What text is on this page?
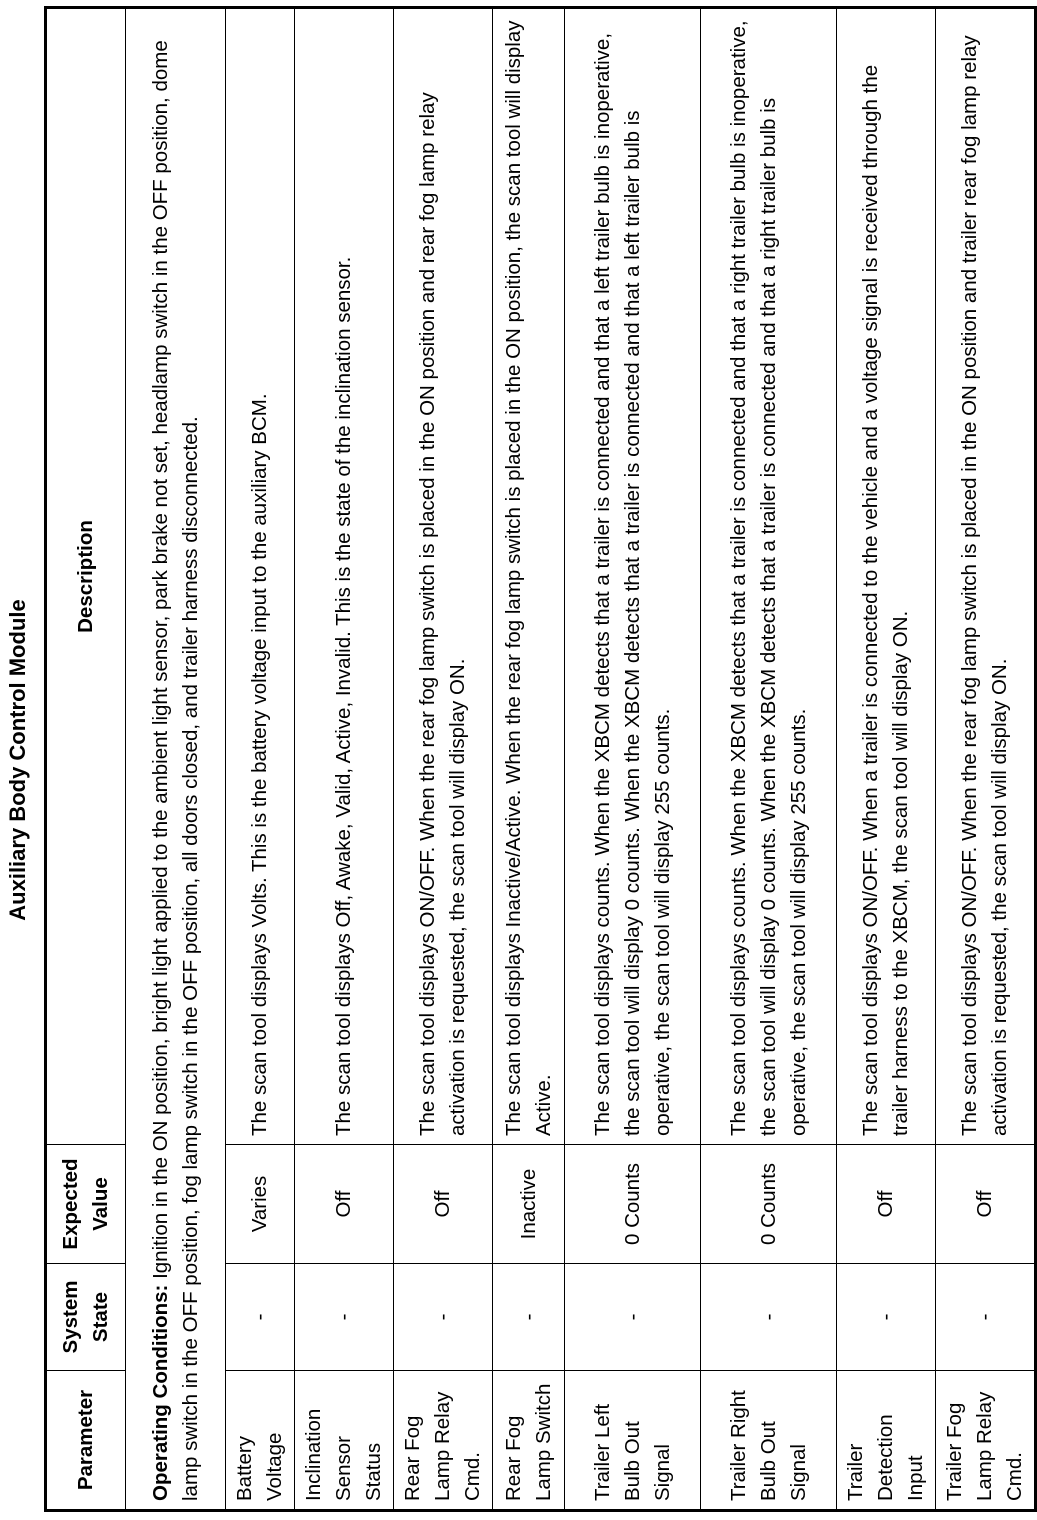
Auxiliary Body Control Module
Parameter	System State	Expected Value	Description
Operating Conditions: Ignition in the ON position, bright light applied to the ambient light sensor, park brake not set, headlamp switch in the OFF position, dome lamp switch in the OFF position, fog lamp switch in the OFF position, all doors closed, and trailer harness disconnected.			
Battery Voltage	-	Varies	The scan tool displays Volts. This is the battery voltage input to the auxiliary BCM.
Inclination Sensor Status	-	Off	The scan tool displays Off, Awake, Valid, Active, Invalid. This is the state of the inclination sensor.
Rear Fog Lamp Relay Cmd.	-	Off	The scan tool displays ON/OFF. When the rear fog lamp switch is placed in the ON position and rear fog lamp relay activation is requested, the scan tool will display ON.
Rear Fog Lamp Switch	-	Inactive	The scan tool displays Inactive/Active. When the rear fog lamp switch is placed in the ON position, the scan tool will display Active.
Trailer Left Bulb Out Signal	-	0 Counts	The scan tool displays counts. When the XBCM detects that a trailer is connected and that a left trailer bulb is inoperative, the scan tool will display 0 counts. When the XBCM detects that a trailer is connected and that a left trailer bulb is operative, the scan tool will display 255 counts.
Trailer Right Bulb Out Signal	-	0 Counts	The scan tool displays counts. When the XBCM detects that a trailer is connected and that a right trailer bulb is inoperative, the scan tool will display 0 counts. When the XBCM detects that a trailer is connected and that a right trailer bulb is operative, the scan tool will display 255 counts.
Trailer Detection Input	-	Off	The scan tool displays ON/OFF. When a trailer is connected to the vehicle and a voltage signal is received through the trailer harness to the XBCM, the scan tool will display ON.
Trailer Fog Lamp Relay Cmd.	-	Off	The scan tool displays ON/OFF. When the rear fog lamp switch is placed in the ON position and trailer rear fog lamp relay activation is requested, the scan tool will display ON.
